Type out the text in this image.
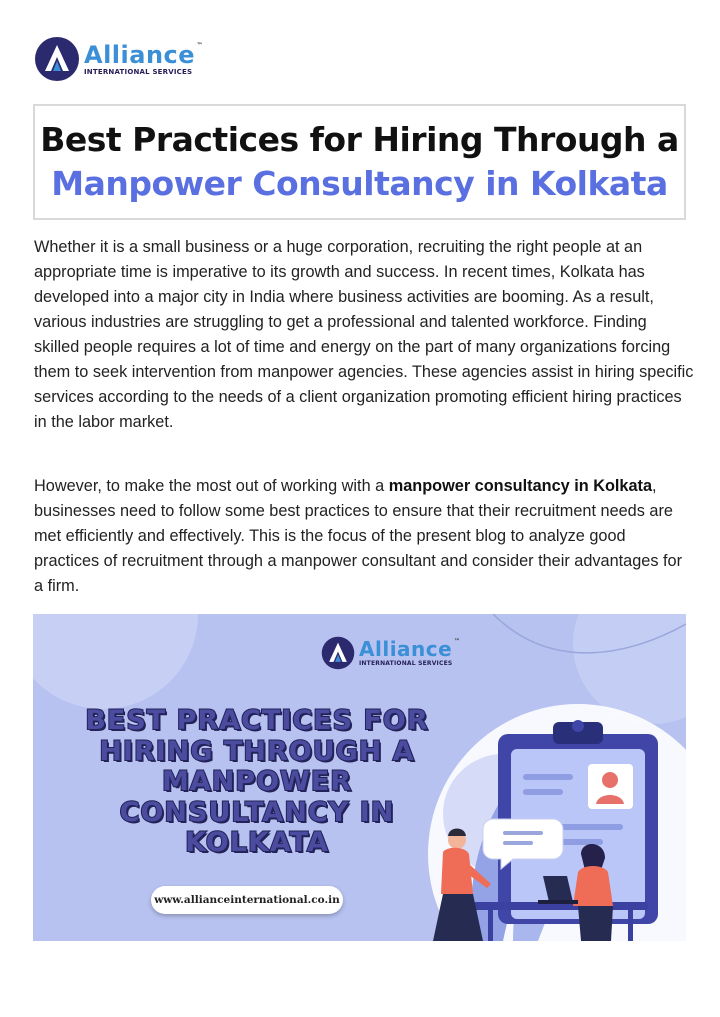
Alliance ™
INTERNATIONAL SERVICES
Best Practices for Hiring Through a
Manpower Consultancy in Kolkata

Whether it is a small business or a huge corporation, recruiting the right people at an appropriate time is imperative to its growth and success. In recent times, Kolkata has developed into a major city in India where business activities are booming. As a result, various industries are struggling to get a professional and talented workforce. Finding skilled people requires a lot of time and energy on the part of many organizations forcing them to seek intervention from manpower agencies. These agencies assist in hiring specific services according to the needs of a client organization promoting efficient hiring practices in the labor market.

However, to make the most out of working with a manpower consultancy in Kolkata, businesses need to follow some best practices to ensure that their recruitment needs are met efficiently and effectively. This is the focus of the present blog to analyze good practices of recruitment through a manpower consultant and consider their advantages for a firm.

Alliance ™
INTERNATIONAL SERVICES
BEST PRACTICES FOR
HIRING THROUGH A
MANPOWER
CONSULTANCY IN
KOLKATA
www.allianceinternational.co.in
